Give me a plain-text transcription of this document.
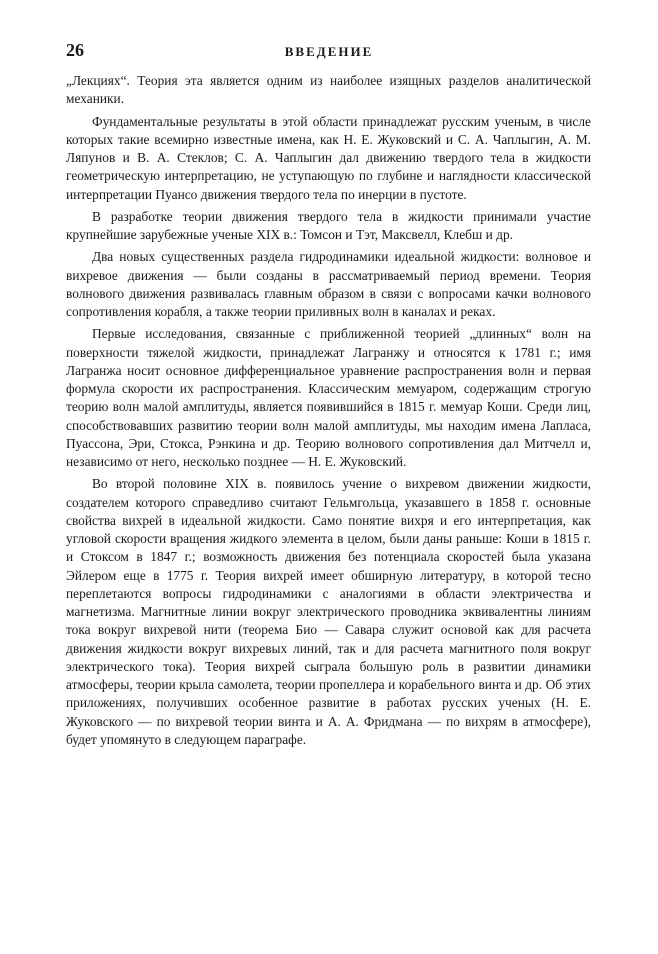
26	ВВЕДЕНИЕ

„Лекциях“. Теория эта является одним из наиболее изящных разделов аналитической механики.

Фундаментальные результаты в этой области принадлежат русским ученым, в числе которых такие всемирно известные имена, как Н. Е. Жуковский и С. А. Чаплыгин, А. М. Ляпунов и В. А. Стеклов; С. А. Чаплыгин дал движению твердого тела в жидкости геометрическую интерпретацию, не уступающую по глубине и наглядности классической интерпретации Пуансо движения твердого тела по инерции в пустоте.

В разработке теории движения твердого тела в жидкости принимали участие крупнейшие зарубежные ученые XIX в.: Томсон и Тэт, Максвелл, Клебш и др.

Два новых существенных раздела гидродинамики идеальной жидкости: волновое и вихревое движения — были созданы в рассматриваемый период времени. Теория волнового движения развивалась главным образом в связи с вопросами качки волнового сопротивления корабля, а также теории приливных волн в каналах и реках.

Первые исследования, связанные с приближенной теорией „длинных“ волн на поверхности тяжелой жидкости, принадлежат Лагранжу и относятся к 1781 г.; имя Лагранжа носит основное дифференциальное уравнение распространения волн и первая формула скорости их распространения. Классическим мемуаром, содержащим строгую теорию волн малой амплитуды, является появившийся в 1815 г. мемуар Коши. Среди лиц, способствовавших развитию теории волн малой амплитуды, мы находим имена Лапласа, Пуассона, Эри, Стокса, Рэнкина и др. Теорию волнового сопротивления дал Митчелл и, независимо от него, несколько позднее — Н. Е. Жуковский.

Во второй половине XIX в. появилось учение о вихревом движении жидкости, создателем которого справедливо считают Гельмгольца, указавшего в 1858 г. основные свойства вихрей в идеальной жидкости. Само понятие вихря и его интерпретация, как угловой скорости вращения жидкого элемента в целом, были даны раньше: Коши в 1815 г. и Стоксом в 1847 г.; возможность движения без потенциала скоростей была указана Эйлером еще в 1775 г. Теория вихрей имеет обширную литературу, в которой тесно переплетаются вопросы гидродинамики с аналогиями в области электричества и магнетизма. Магнитные линии вокруг электрического проводника эквивалентны линиям тока вокруг вихревой нити (теорема Био — Савара служит основой как для расчета движения жидкости вокруг вихревых линий, так и для расчета магнитного поля вокруг электрического тока). Теория вихрей сыграла большую роль в развитии динамики атмосферы, теории крыла самолета, теории пропеллера и корабельного винта и др. Об этих приложениях, получивших особенное развитие в работах русских ученых (Н. Е. Жуковского — по вихревой теории винта и А. А. Фридмана — по вихрям в атмосфере), будет упомянуто в следующем параграфе.
